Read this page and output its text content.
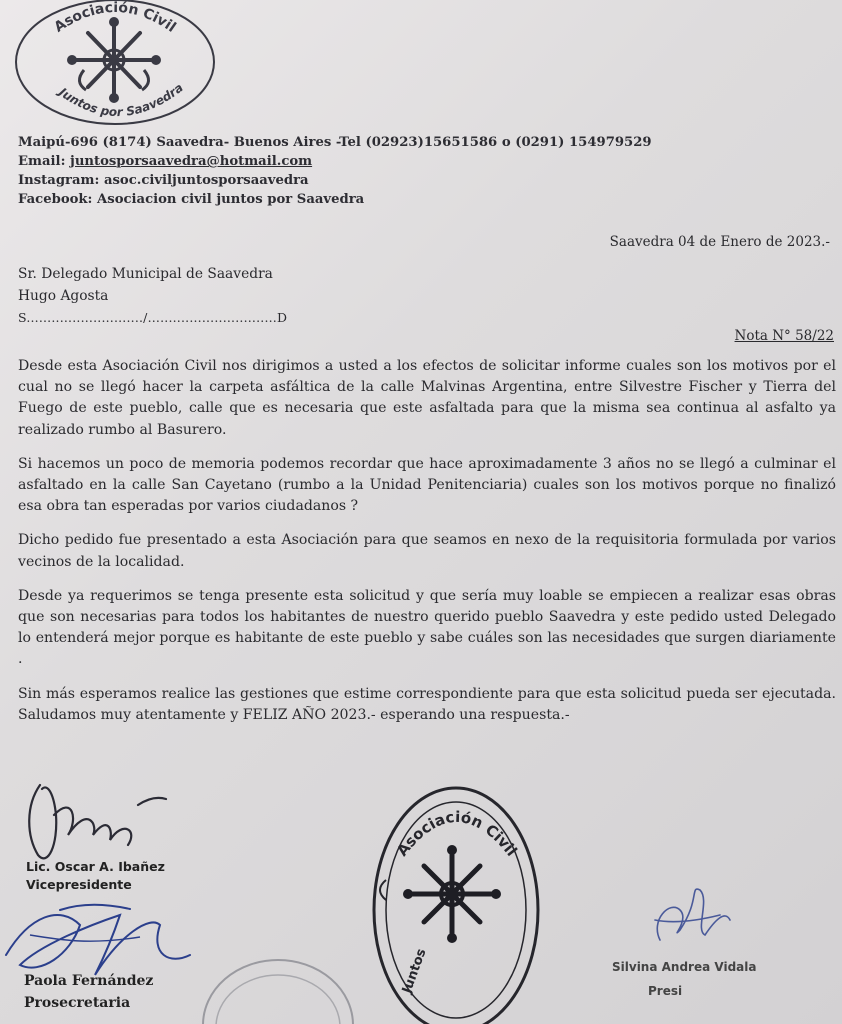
Asociación Civil
Juntos por Saavedra
Maipú-696 (8174) Saavedra- Buenos Aires -Tel (02923)15651586 o (0291) 154979529
Email: juntosporsaavedra@hotmail.com
Instagram: asoc.civiljuntosporsaavedra
Facebook: Asociacion civil juntos por Saavedra
Saavedra 04 de Enero de 2023.-
Sr. Delegado Municipal de Saavedra
Hugo Agosta
S............................/...............................D
Nota N° 58/22

Desde esta Asociación Civil nos dirigimos a usted a los efectos de solicitar informe cuales son los motivos por el cual no se llegó hacer la carpeta asfáltica de la calle Malvinas Argentina, entre Silvestre Fischer y Tierra del Fuego de este pueblo, calle que es necesaria que este asfaltada para que la misma sea continua al asfalto ya realizado rumbo al Basurero.

Si hacemos un poco de memoria podemos recordar que hace aproximadamente 3 años no se llegó a culminar el asfaltado en la calle San Cayetano (rumbo a la Unidad Penitenciaria) cuales son los motivos porque no finalizó esa obra tan esperadas por varios ciudadanos ?

Dicho pedido fue presentado a esta Asociación para que seamos en nexo de la requisitoria formulada por varios vecinos de la localidad.

Desde ya requerimos se tenga presente esta solicitud y que sería muy loable se empiecen a realizar esas obras que son necesarias para todos los habitantes de nuestro querido pueblo Saavedra y este pedido usted Delegado lo entenderá mejor porque es habitante de este pueblo y sabe cuáles son las necesidades que surgen diariamente .

Sin más esperamos realice las gestiones que estime correspondiente para que esta solicitud pueda ser ejecutada. Saludamos muy atentamente y FELIZ AÑO 2023.- esperando una respuesta.-

Lic. Oscar A. Ibañez
Vicepresidente
Paola Fernández
Prosecretaria
Asociación Civil
Juntos	Silvina Andrea Vidala
Presi
